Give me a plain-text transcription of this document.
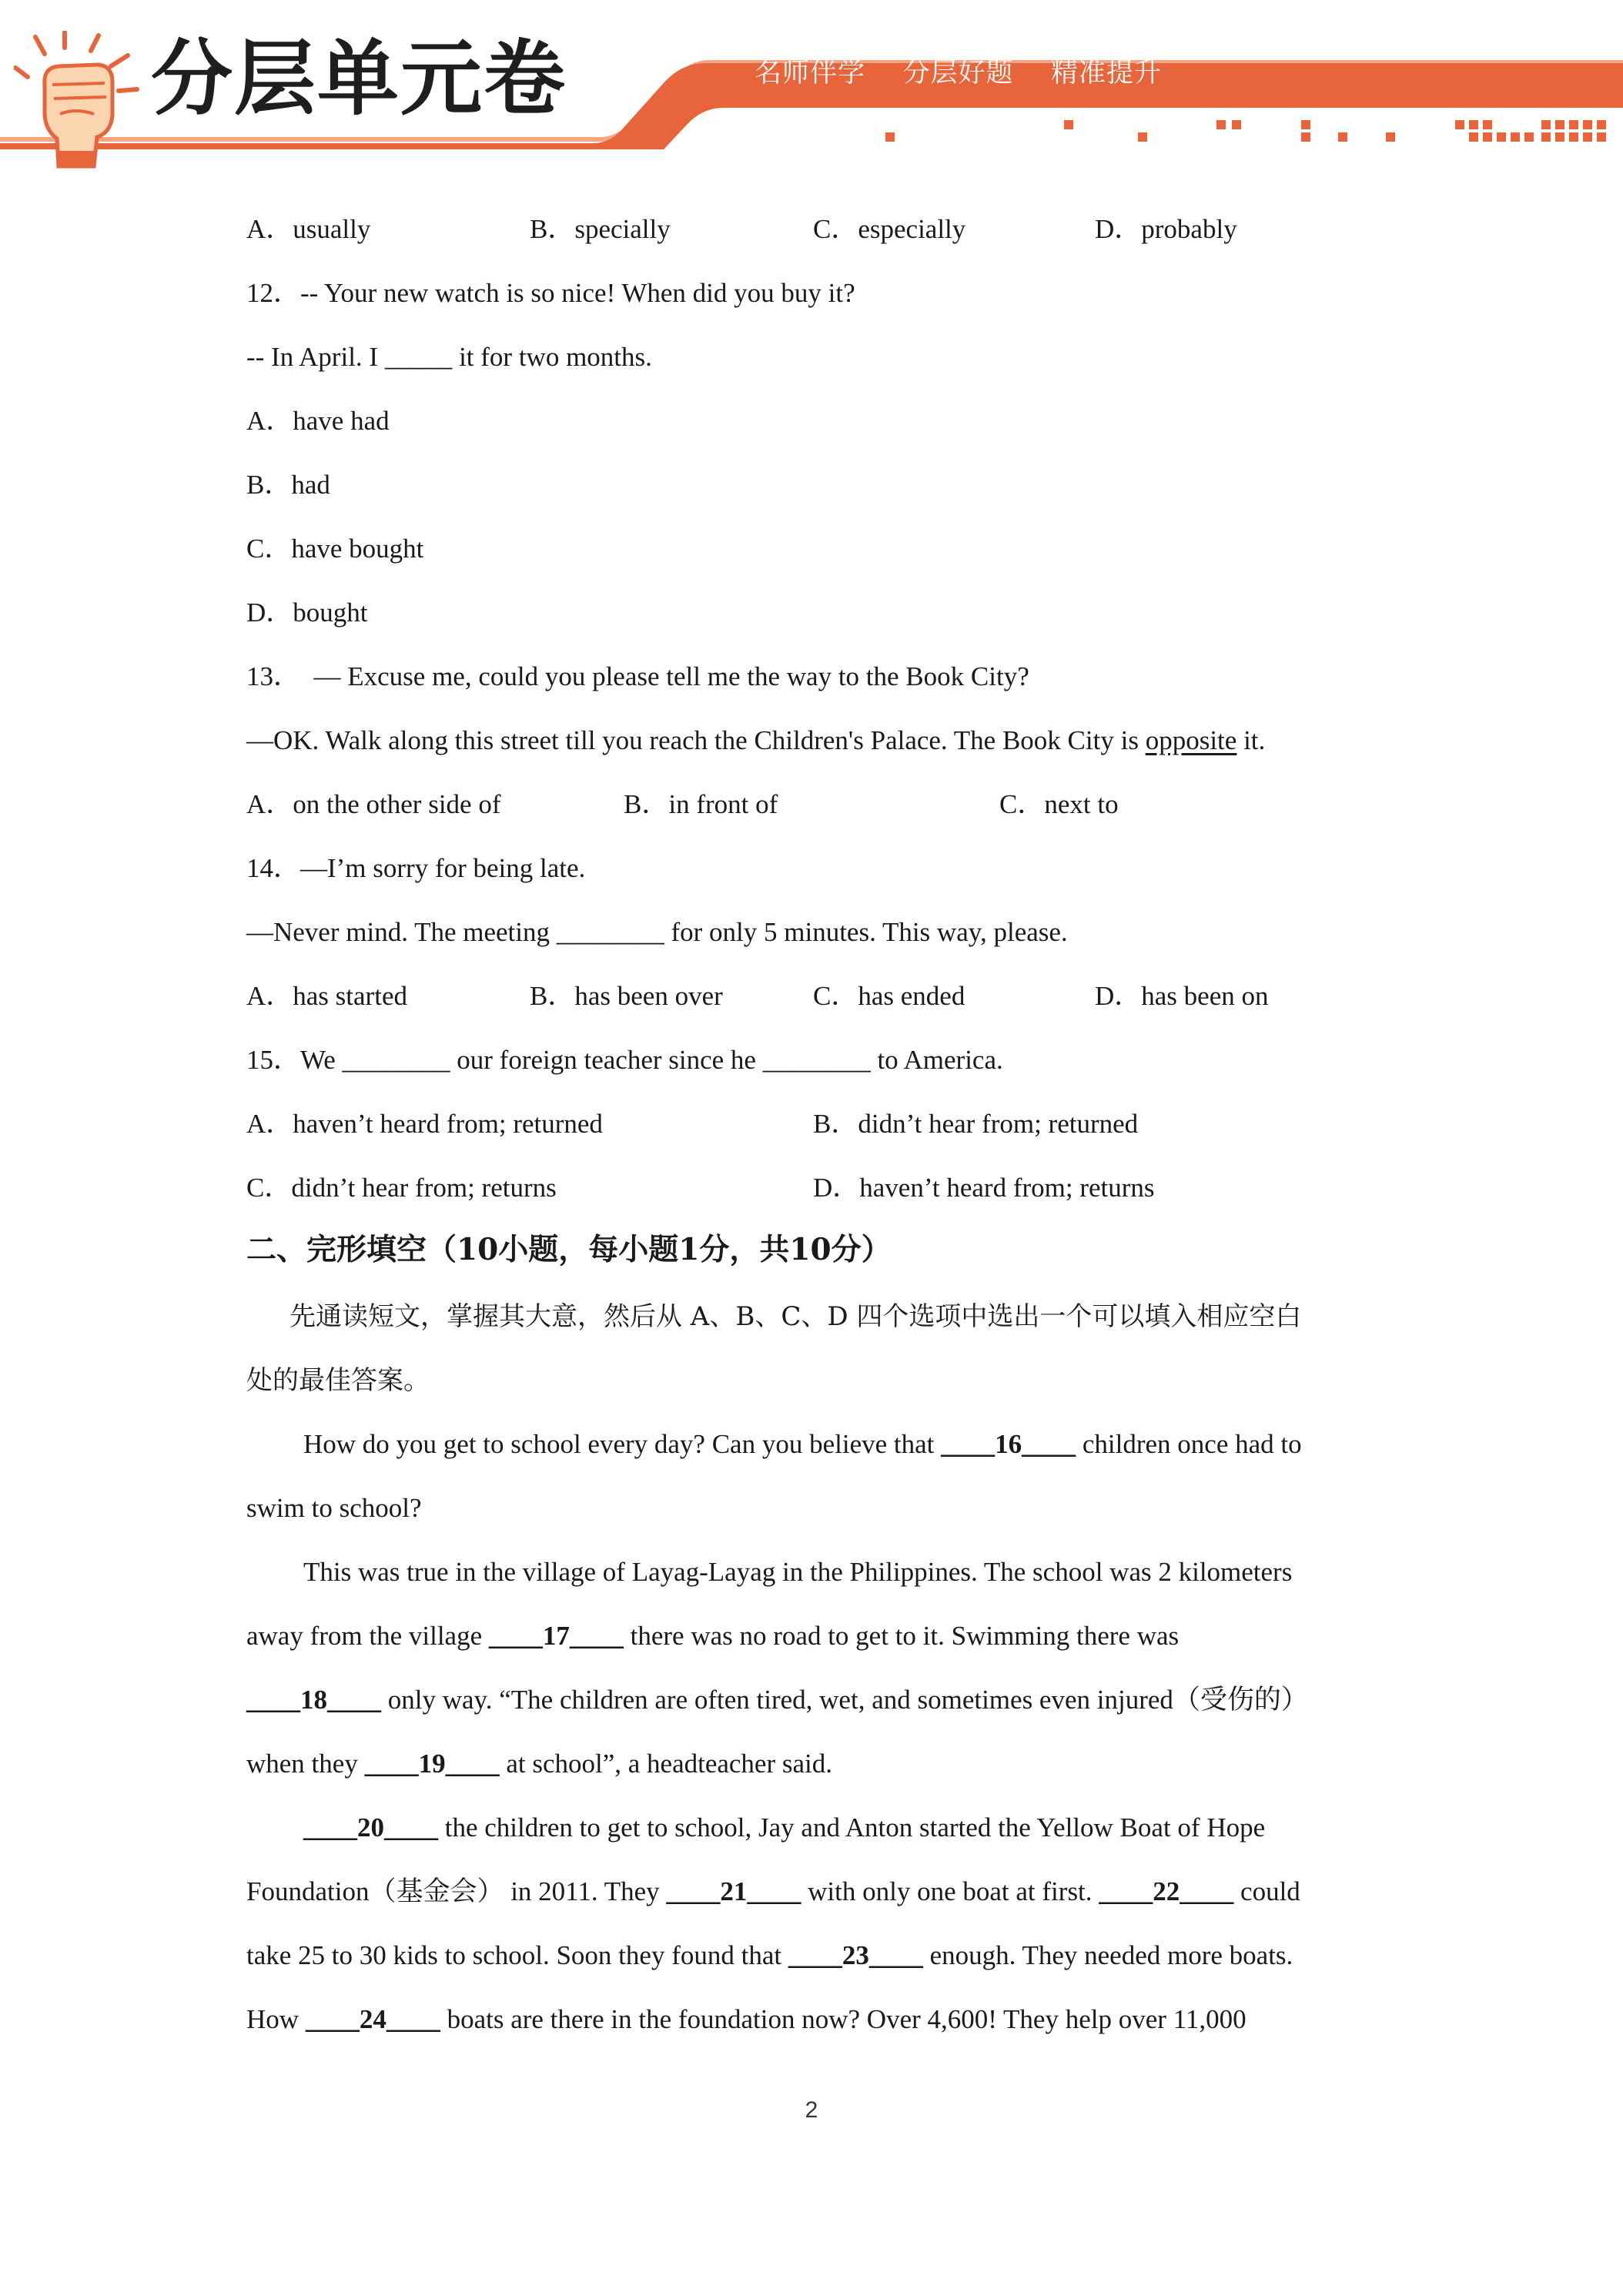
分层单元卷	名师伴学    分层好题    精准提升
A．usually	B．specially	C．especially	D．probably
12．-- Your new watch is so nice! When did you buy it?
-- In April. I _____ it for two months.
A．have had
B．had
C．have bought
D．bought
13．  — Excuse me, could you please tell me the way to the Book City?
—OK. Walk along this street till you reach the Children's Palace. The Book City is opposite it.
A．on the other side of	B．in front of	C．next to
14．—I’m sorry for being late.
—Never mind. The meeting ________ for only 5 minutes. This way, please.
A．has started	B．has been over	C．has ended	D．has been on
15．We ________ our foreign teacher since he ________ to America.
A．haven’t heard from; returned	B．didn’t hear from; returned
C．didn’t hear from; returns	D．haven’t heard from; returns
二、完形填空（10小题，每小题1分，共10分）
先通读短文，掌握其大意，然后从 A、B、C、D 四个选项中选出一个可以填入相应空白
处的最佳答案。
How do you get to school every day? Can you believe that ____16____ children once had to
swim to school?
This was true in the village of Layag-Layag in the Philippines. The school was 2 kilometers
away from the village ____17____ there was no road to get to it. Swimming there was
____18____ only way. “The children are often tired, wet, and sometimes even injured（受伤的）
when they ____19____ at school”, a headteacher said.
____20____ the children to get to school, Jay and Anton started the Yellow Boat of Hope
Foundation（基金会） in 2011. They ____21____ with only one boat at first. ____22____ could
take 25 to 30 kids to school. Soon they found that ____23____ enough. They needed more boats.
How ____24____ boats are there in the foundation now? Over 4,600! They help over 11,000
2
